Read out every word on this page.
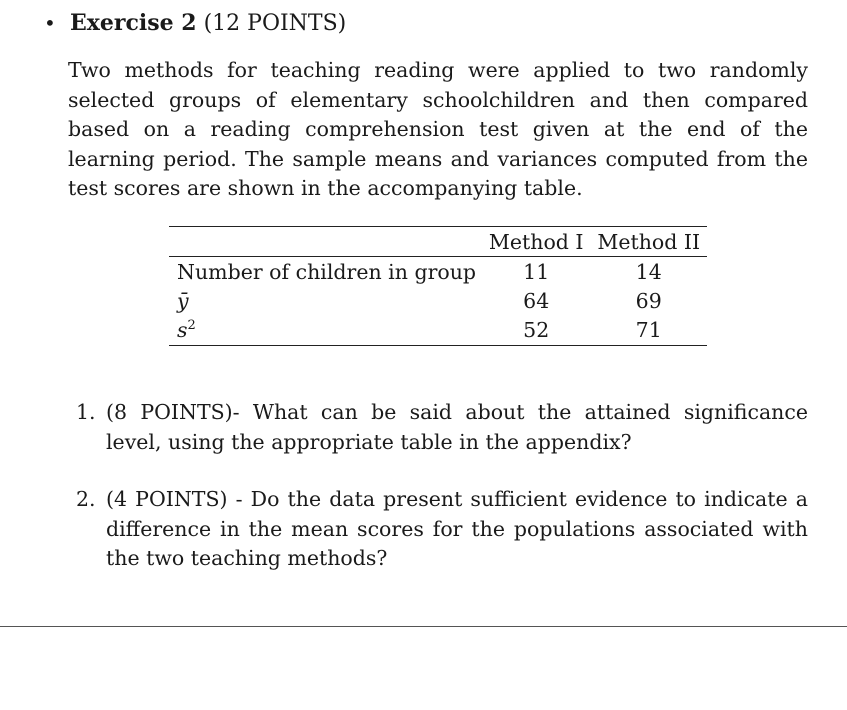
• Exercise 2 (12 POINTS)

Two methods for teaching reading were applied to two randomly selected groups of elementary schoolchildren and then compared based on a reading comprehension test given at the end of the learning period. The sample means and variances computed from the test scores are shown in the accompanying table.

	Method I	Method II
Number of children in group	11	14
ȳ	64	69
$s^2$	52	71
1. (8 POINTS)- What can be said about the attained significance level, using the appropriate table in the appendix?
2. (4 POINTS) - Do the data present sufficient evidence to indicate a difference in the mean scores for the populations associated with the two teaching methods?
